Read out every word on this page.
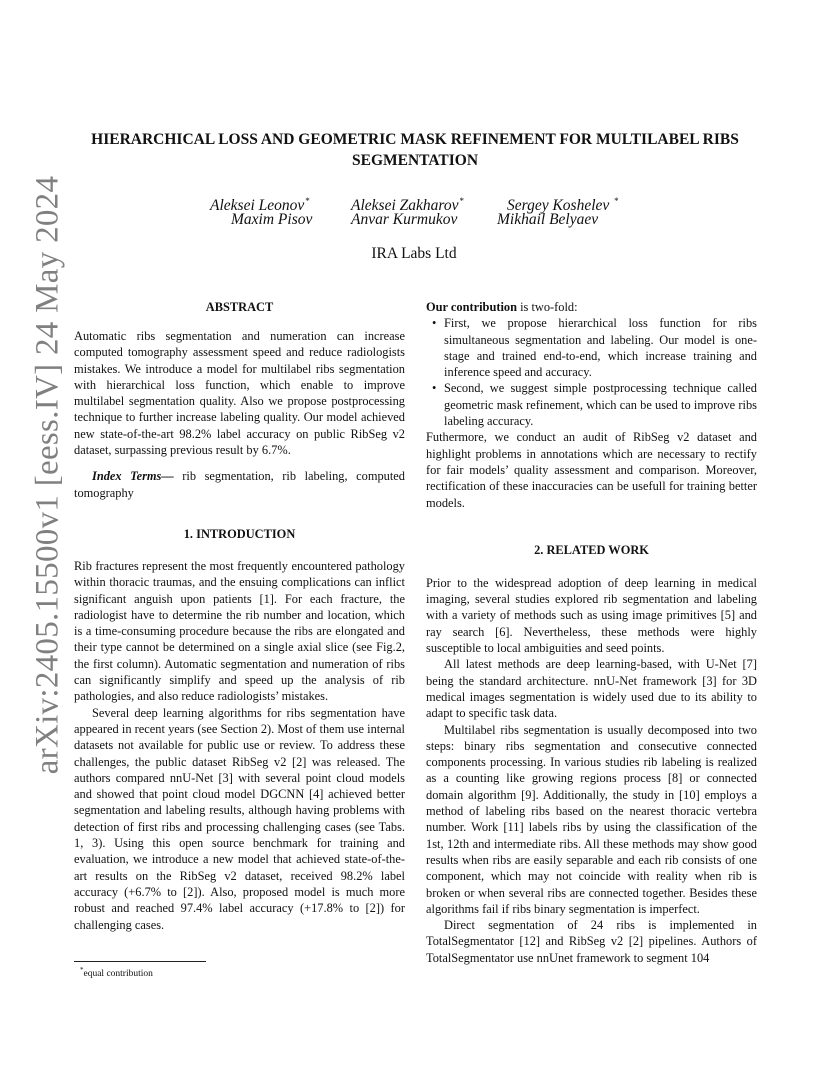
arXiv:2405.15500v1 [eess.IV] 24 May 2024
HIERARCHICAL LOSS AND GEOMETRIC MASK REFINEMENT FOR MULTILABEL RIBS SEGMENTATION
Aleksei Leonov*	Aleksei Zakharov*	Sergey Koshelev *
Maxim Pisov Anvar Kurmukov	Mikhail Belyaev
IRA Labs Ltd
ABSTRACT

Automatic ribs segmentation and numeration can increase computed tomography assessment speed and reduce radiologists mistakes. We introduce a model for multilabel ribs segmentation with hierarchical loss function, which enable to improve multilabel segmentation quality. Also we propose postprocessing technique to further increase labeling quality. Our model achieved new state-of-the-art 98.2% label accuracy on public RibSeg v2 dataset, surpassing previous result by 6.7%.

Index Terms— rib segmentation, rib labeling, computed tomography

1. INTRODUCTION

Rib fractures represent the most frequently encountered pathology within thoracic traumas, and the ensuing complications can inflict significant anguish upon patients [1]. For each fracture, the radiologist have to determine the rib number and location, which is a time-consuming procedure because the ribs are elongated and their type cannot be determined on a single axial slice (see Fig.2, the first column). Automatic segmentation and numeration of ribs can significantly simplify and speed up the analysis of rib pathologies, and also reduce radiologists’ mistakes.

Several deep learning algorithms for ribs segmentation have appeared in recent years (see Section 2). Most of them use internal datasets not available for public use or review. To address these challenges, the public dataset RibSeg v2 [2] was released. The authors compared nnU-Net [3] with several point cloud models and showed that point cloud model DGCNN [4] achieved better segmentation and labeling results, although having problems with detection of first ribs and processing challenging cases (see Tabs. 1, 3). Using this open source benchmark for training and evaluation, we introduce a new model that achieved state-of-the-art results on the RibSeg v2 dataset, received 98.2% label accuracy (+6.7% to [2]). Also, proposed model is much more robust and reached 97.4% label accuracy (+17.8% to [2]) for challenging cases.

Our contribution is two-fold:

• First, we propose hierarchical loss function for ribs simultaneous segmentation and labeling. Our model is one-stage and trained end-to-end, which increase training and inference speed and accuracy.
• Second, we suggest simple postprocessing technique called geometric mask refinement, which can be used to improve ribs labeling accuracy.

Futhermore, we conduct an audit of RibSeg v2 dataset and highlight problems in annotations which are necessary to rectify for fair models’ quality assessment and comparison. Moreover, rectification of these inaccuracies can be usefull for training better models.

2. RELATED WORK

Prior to the widespread adoption of deep learning in medical imaging, several studies explored rib segmentation and labeling with a variety of methods such as using image primitives [5] and ray search [6]. Nevertheless, these methods were highly susceptible to local ambiguities and seed points.

All latest methods are deep learning-based, with U-Net [7] being the standard architecture. nnU-Net framework [3] for 3D medical images segmentation is widely used due to its ability to adapt to specific task data.

Multilabel ribs segmentation is usually decomposed into two steps: binary ribs segmentation and consecutive connected components processing. In various studies rib labeling is realized as a counting like growing regions process [8] or connected domain algorithm [9]. Additionally, the study in [10] employs a method of labeling ribs based on the nearest thoracic vertebra number. Work [11] labels ribs by using the classification of the 1st, 12th and intermediate ribs. All these methods may show good results when ribs are easily separable and each rib consists of one component, which may not coincide with reality when rib is broken or when several ribs are connected together. Besides these algorithms fail if ribs binary segmentation is imperfect.

Direct segmentation of 24 ribs is implemented in TotalSegmentator [12] and RibSeg v2 [2] pipelines. Authors of TotalSegmentator use nnUnet framework to segment 104

*equal contribution
